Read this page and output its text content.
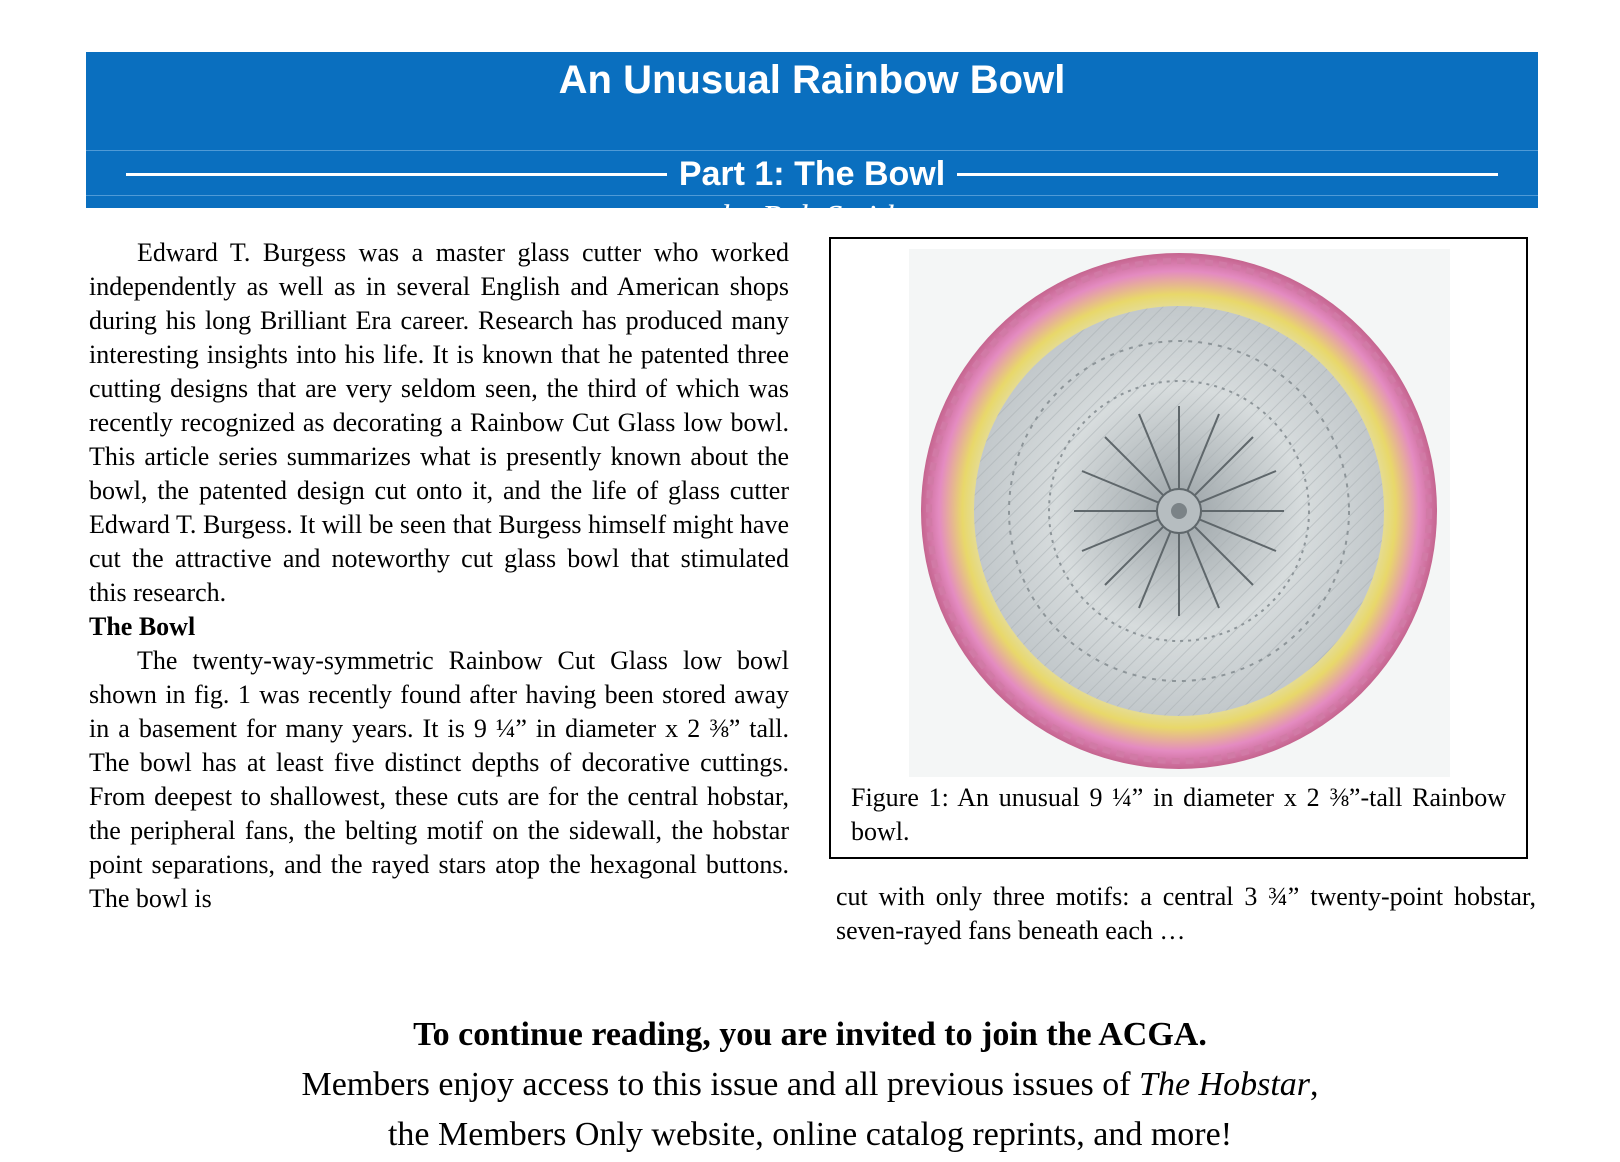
An Unusual Rainbow Bowl
Part 1: The Bowl
by Rob Smith

Edward T. Burgess was a master glass cutter who worked independently as well as in several English and American shops during his long Brilliant Era career. Research has produced many interesting insights into his life. It is known that he patented three cutting designs that are very seldom seen, the third of which was recently recognized as decorating a Rainbow Cut Glass low bowl. This article series summarizes what is presently known about the bowl, the patented design cut onto it, and the life of glass cutter Edward T. Burgess. It will be seen that Burgess himself might have cut the attractive and noteworthy cut glass bowl that stimulated this research.

The Bowl

The twenty-way-symmetric Rainbow Cut Glass low bowl shown in fig. 1 was recently found after having been stored away in a basement for many years. It is 9 ¼” in diameter x 2 ⅜” tall. The bowl has at least five distinct depths of decorative cuttings. From deepest to shallowest, these cuts are for the central hobstar, the peripheral fans, the belting motif on the sidewall, the hobstar point separations, and the rayed stars atop the hexagonal buttons. The bowl is

Figure 1: An unusual 9 ¼” in diameter x 2 ⅜”-tall Rainbow bowl.

cut with only three motifs: a central 3 ¾” twenty-point hobstar, seven-rayed fans beneath each …

To continue reading, you are invited to join the ACGA.
Members enjoy access to this issue and all previous issues of The Hobstar,
the Members Only website, online catalog reprints, and more!
